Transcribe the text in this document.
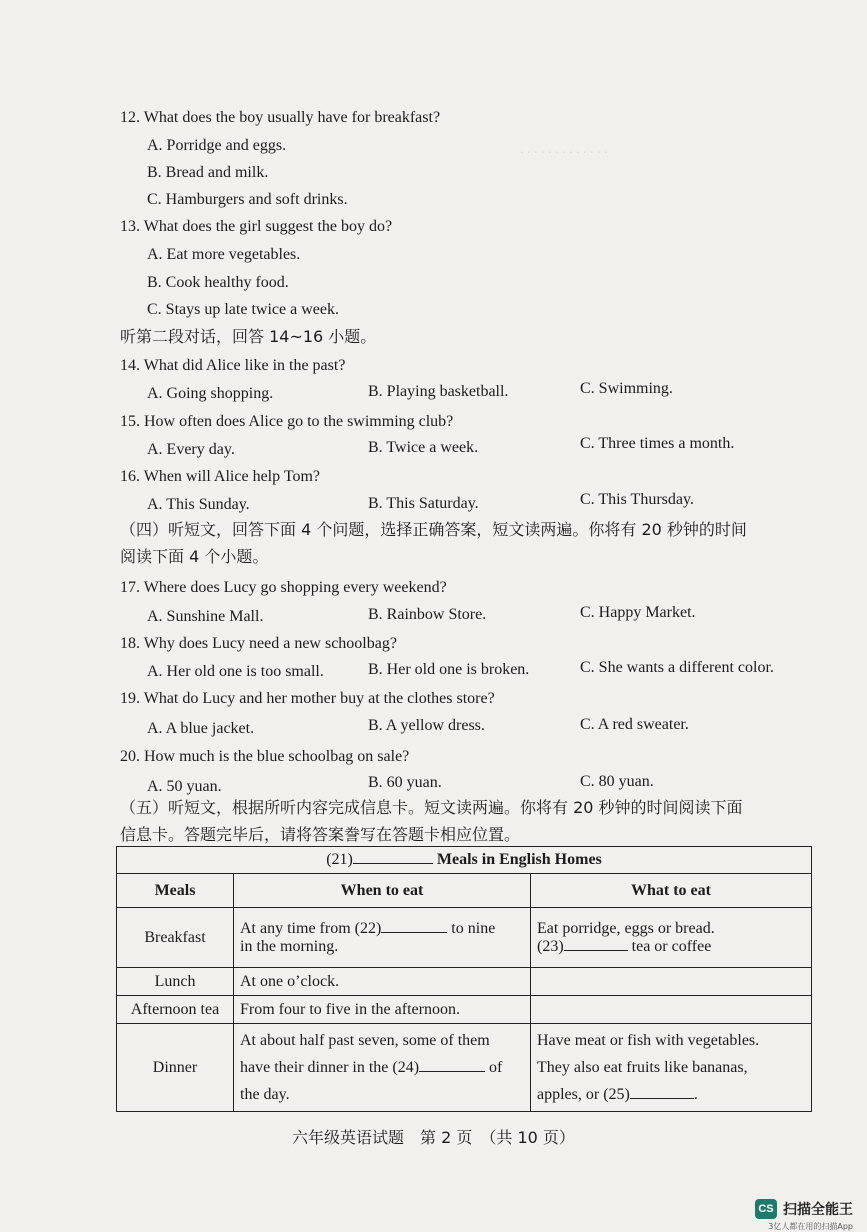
. . . . . . . . . . . . .
12. What does the boy usually have for breakfast?
A. Porridge and eggs.
B. Bread and milk.
C. Hamburgers and soft drinks.
13. What does the girl suggest the boy do?
A. Eat more vegetables.
B. Cook healthy food.
C. Stays up late twice a week.
听第二段对话，回答 14~16 小题。
14. What did Alice like in the past?
A. Going shopping.	B. Playing basketball.	C. Swimming.
15. How often does Alice go to the swimming club?
A. Every day.	B. Twice a week.	C. Three times a month.
16. When will Alice help Tom?
A. This Sunday.	B. This Saturday.	C. This Thursday.
（四）听短文，回答下面 4 个问题，选择正确答案，短文读两遍。你将有 20 秒钟的时间
阅读下面 4 个小题。
17. Where does Lucy go shopping every weekend?
A. Sunshine Mall.	B. Rainbow Store.	C. Happy Market.
18. Why does Lucy need a new schoolbag?
A. Her old one is too small.	B. Her old one is broken.	C. She wants a different color.
19. What do Lucy and her mother buy at the clothes store?
A. A blue jacket.	B. A yellow dress.	C. A red sweater.
20. How much is the blue schoolbag on sale?
A. 50 yuan.	B. 60 yuan.	C. 80 yuan.
（五）听短文，根据所听内容完成信息卡。短文读两遍。你将有 20 秒钟的时间阅读下面
信息卡。答题完毕后，请将答案誊写在答题卡相应位置。
(21) Meals in English Homes		
Meals	When to eat	What to eat
Breakfast	At any time from (22) to nine
in the morning.	Eat porridge, eggs or bread.
(23) tea or coffee
Lunch	At one o’clock.	
Afternoon tea	From four to five in the afternoon.	
Dinner	At about half past seven, some of them
have their dinner in the (24) of
the day.	Have meat or fish with vegetables.
They also eat fruits like bananas,
apples, or (25) .
六年级英语试题　第 2 页　（共 10 页）
CS 扫描全能王
3亿人都在用的扫描App
